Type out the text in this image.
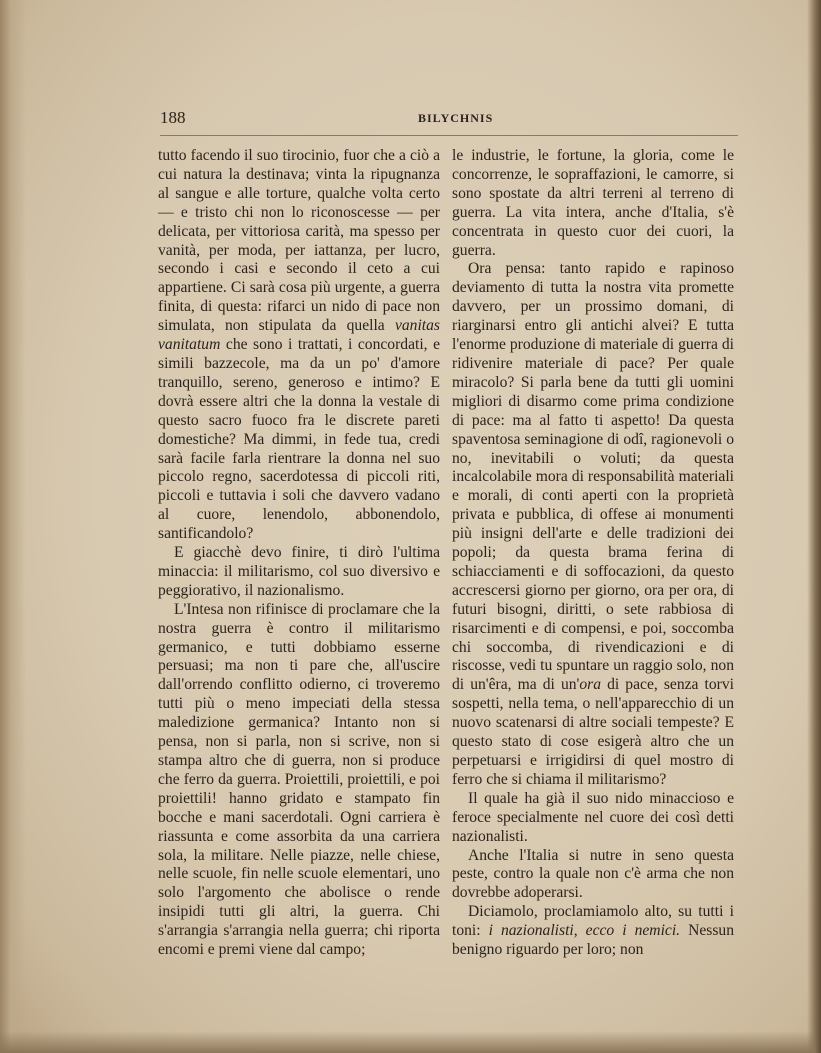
188	BILYCHNIS

tutto facendo il suo tirocinio, fuor che a ciò a cui natura la destinava; vinta la ripugnanza al sangue e alle torture, qualche volta certo — e tristo chi non lo riconoscesse — per delicata, per vittoriosa carità, ma spesso per vanità, per moda, per iattanza, per lucro, secondo i casi e secondo il ceto a cui appartiene. Ci sarà cosa più urgente, a guerra finita, di questa: rifarci un nido di pace non simulata, non stipulata da quella vanitas vanitatum che sono i trattati, i concordati, e simili bazzecole, ma da un po' d'amore tranquillo, sereno, generoso e intimo? E dovrà essere altri che la donna la vestale di questo sacro fuoco fra le discrete pareti domestiche? Ma dimmi, in fede tua, credi sarà facile farla rientrare la donna nel suo piccolo regno, sacerdotessa di piccoli riti, piccoli e tuttavia i soli che davvero vadano al cuore, lenendolo, abbonendolo, santificandolo?

E giacchè devo finire, ti dirò l'ultima minaccia: il militarismo, col suo diversivo e peggiorativo, il nazionalismo.

L'Intesa non rifinisce di proclamare che la nostra guerra è contro il militarismo germanico, e tutti dobbiamo esserne persuasi; ma non ti pare che, all'uscire dall'orrendo conflitto odierno, ci troveremo tutti più o meno impeciati della stessa maledizione germanica? Intanto non si pensa, non si parla, non si scrive, non si stampa altro che di guerra, non si produce che ferro da guerra. Proiettili, proiettili, e poi proiettili! hanno gridato e stampato fin bocche e mani sacerdotali. Ogni carriera è riassunta e come assorbita da una carriera sola, la militare. Nelle piazze, nelle chiese, nelle scuole, fin nelle scuole elementari, uno solo l'argomento che abolisce o rende insipidi tutti gli altri, la guerra. Chi s'arrangia s'arrangia nella guerra; chi riporta encomi e premi viene dal campo;

le industrie, le fortune, la gloria, come le concorrenze, le sopraffazioni, le camorre, si sono spostate da altri terreni al terreno di guerra. La vita intera, anche d'Italia, s'è concentrata in questo cuor dei cuori, la guerra.

Ora pensa: tanto rapido e rapinoso deviamento di tutta la nostra vita promette davvero, per un prossimo domani, di riarginarsi entro gli antichi alvei? E tutta l'enorme produzione di materiale di guerra di ridivenire materiale di pace? Per quale miracolo? Si parla bene da tutti gli uomini migliori di disarmo come prima condizione di pace: ma al fatto ti aspetto! Da questa spaventosa seminagione di odî, ragionevoli o no, inevitabili o voluti; da questa incalcolabile mora di responsabilità materiali e morali, di conti aperti con la proprietà privata e pubblica, di offese ai monumenti più insigni dell'arte e delle tradizioni dei popoli; da questa brama ferina di schiacciamenti e di soffocazioni, da questo accrescersi giorno per giorno, ora per ora, di futuri bisogni, diritti, o sete rabbiosa di risarcimenti e di compensi, e poi, soccomba chi soccomba, di rivendicazioni e di riscosse, vedi tu spuntare un raggio solo, non di un'êra, ma di un'ora di pace, senza torvi sospetti, nella tema, o nell'apparecchio di un nuovo scatenarsi di altre sociali tempeste? E questo stato di cose esigerà altro che un perpetuarsi e irrigidirsi di quel mostro di ferro che si chiama il militarismo?

Il quale ha già il suo nido minaccioso e feroce specialmente nel cuore dei così detti nazionalisti.

Anche l'Italia si nutre in seno questa peste, contro la quale non c'è arma che non dovrebbe adoperarsi.

Diciamolo, proclamiamolo alto, su tutti i toni: i nazionalisti, ecco i nemici. Nessun benigno riguardo per loro; non
